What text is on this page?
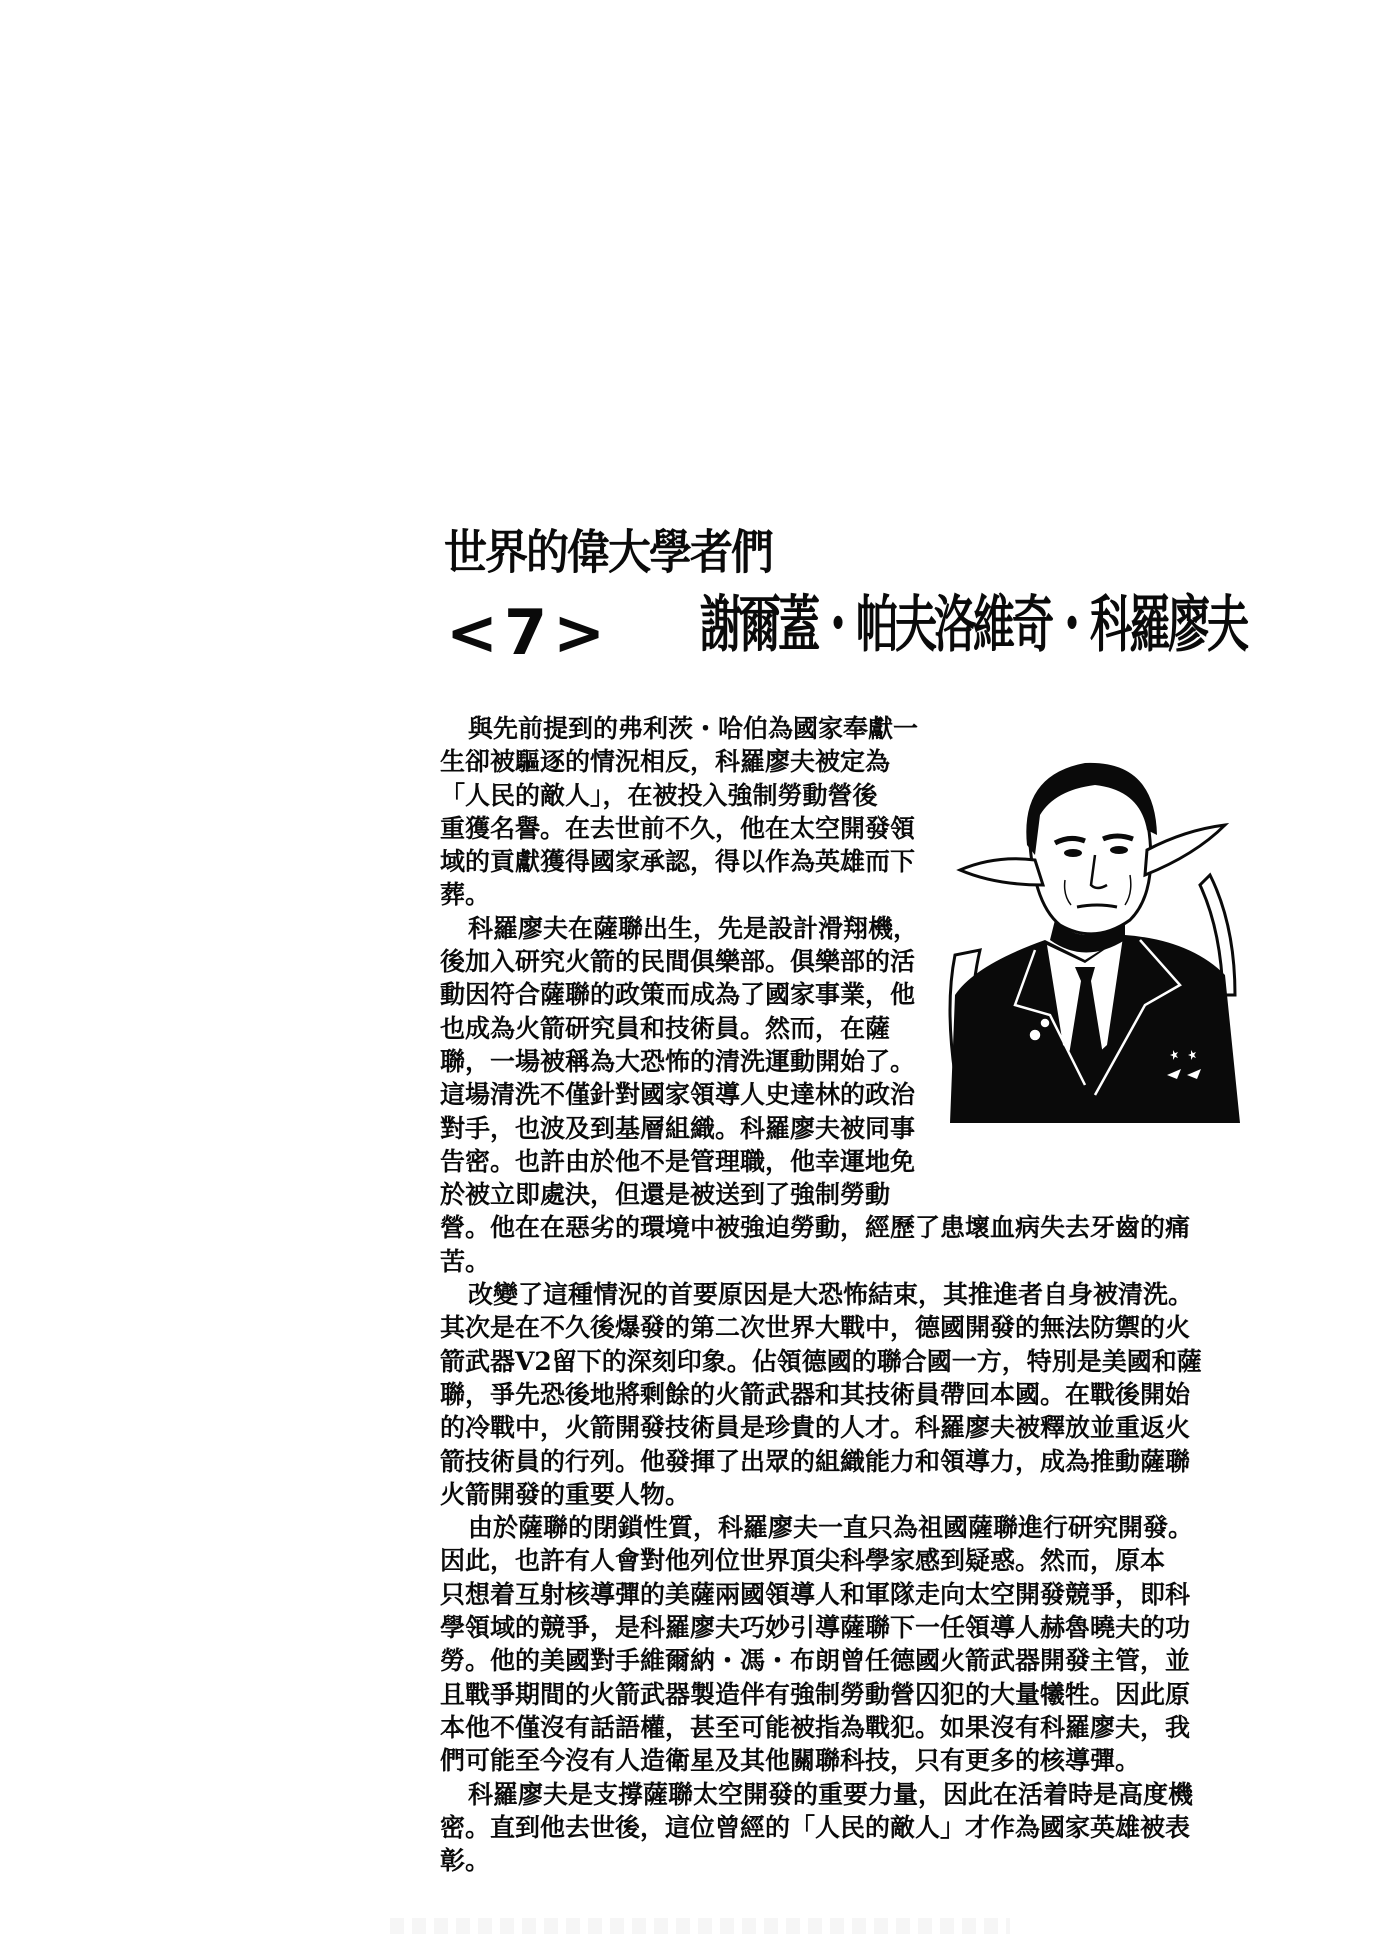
世界的偉大學者們
<7> 謝爾蓋・帕夫洛維奇・科羅廖夫
與先前提到的弗利茨・哈伯為國家奉獻一
生卻被驅逐的情況相反，科羅廖夫被定為
「人民的敵人」，在被投入強制勞動營後
重獲名譽。在去世前不久，他在太空開發領
域的貢獻獲得國家承認，得以作為英雄而下
葬。
科羅廖夫在薩聯出生，先是設計滑翔機，
後加入研究火箭的民間俱樂部。俱樂部的活
動因符合薩聯的政策而成為了國家事業，他
也成為火箭研究員和技術員。然而，在薩
聯，一場被稱為大恐怖的清洗運動開始了。
這場清洗不僅針對國家領導人史達林的政治
對手，也波及到基層組織。科羅廖夫被同事
告密。也許由於他不是管理職，他幸運地免
於被立即處決，但還是被送到了強制勞動
營。他在在惡劣的環境中被強迫勞動，經歷了患壞血病失去牙齒的痛
苦。
改變了這種情況的首要原因是大恐怖結束，其推進者自身被清洗。
其次是在不久後爆發的第二次世界大戰中，德國開發的無法防禦的火
箭武器V2留下的深刻印象。佔領德國的聯合國一方，特別是美國和薩
聯，爭先恐後地將剩餘的火箭武器和其技術員帶回本國。在戰後開始
的冷戰中，火箭開發技術員是珍貴的人才。科羅廖夫被釋放並重返火
箭技術員的行列。他發揮了出眾的組織能力和領導力，成為推動薩聯
火箭開發的重要人物。
由於薩聯的閉鎖性質，科羅廖夫一直只為祖國薩聯進行研究開發。
因此，也許有人會對他列位世界頂尖科學家感到疑惑。然而，原本
只想着互射核導彈的美薩兩國領導人和軍隊走向太空開發競爭，即科
學領域的競爭，是科羅廖夫巧妙引導薩聯下一任領導人赫魯曉夫的功
勞。他的美國對手維爾納・馮・布朗曾任德國火箭武器開發主管，並
且戰爭期間的火箭武器製造伴有強制勞動營囚犯的大量犧牲。因此原
本他不僅沒有話語權，甚至可能被指為戰犯。如果沒有科羅廖夫，我
們可能至今沒有人造衛星及其他關聯科技，只有更多的核導彈。
科羅廖夫是支撐薩聯太空開發的重要力量，因此在活着時是高度機
密。直到他去世後，這位曾經的「人民的敵人」才作為國家英雄被表
彰。
